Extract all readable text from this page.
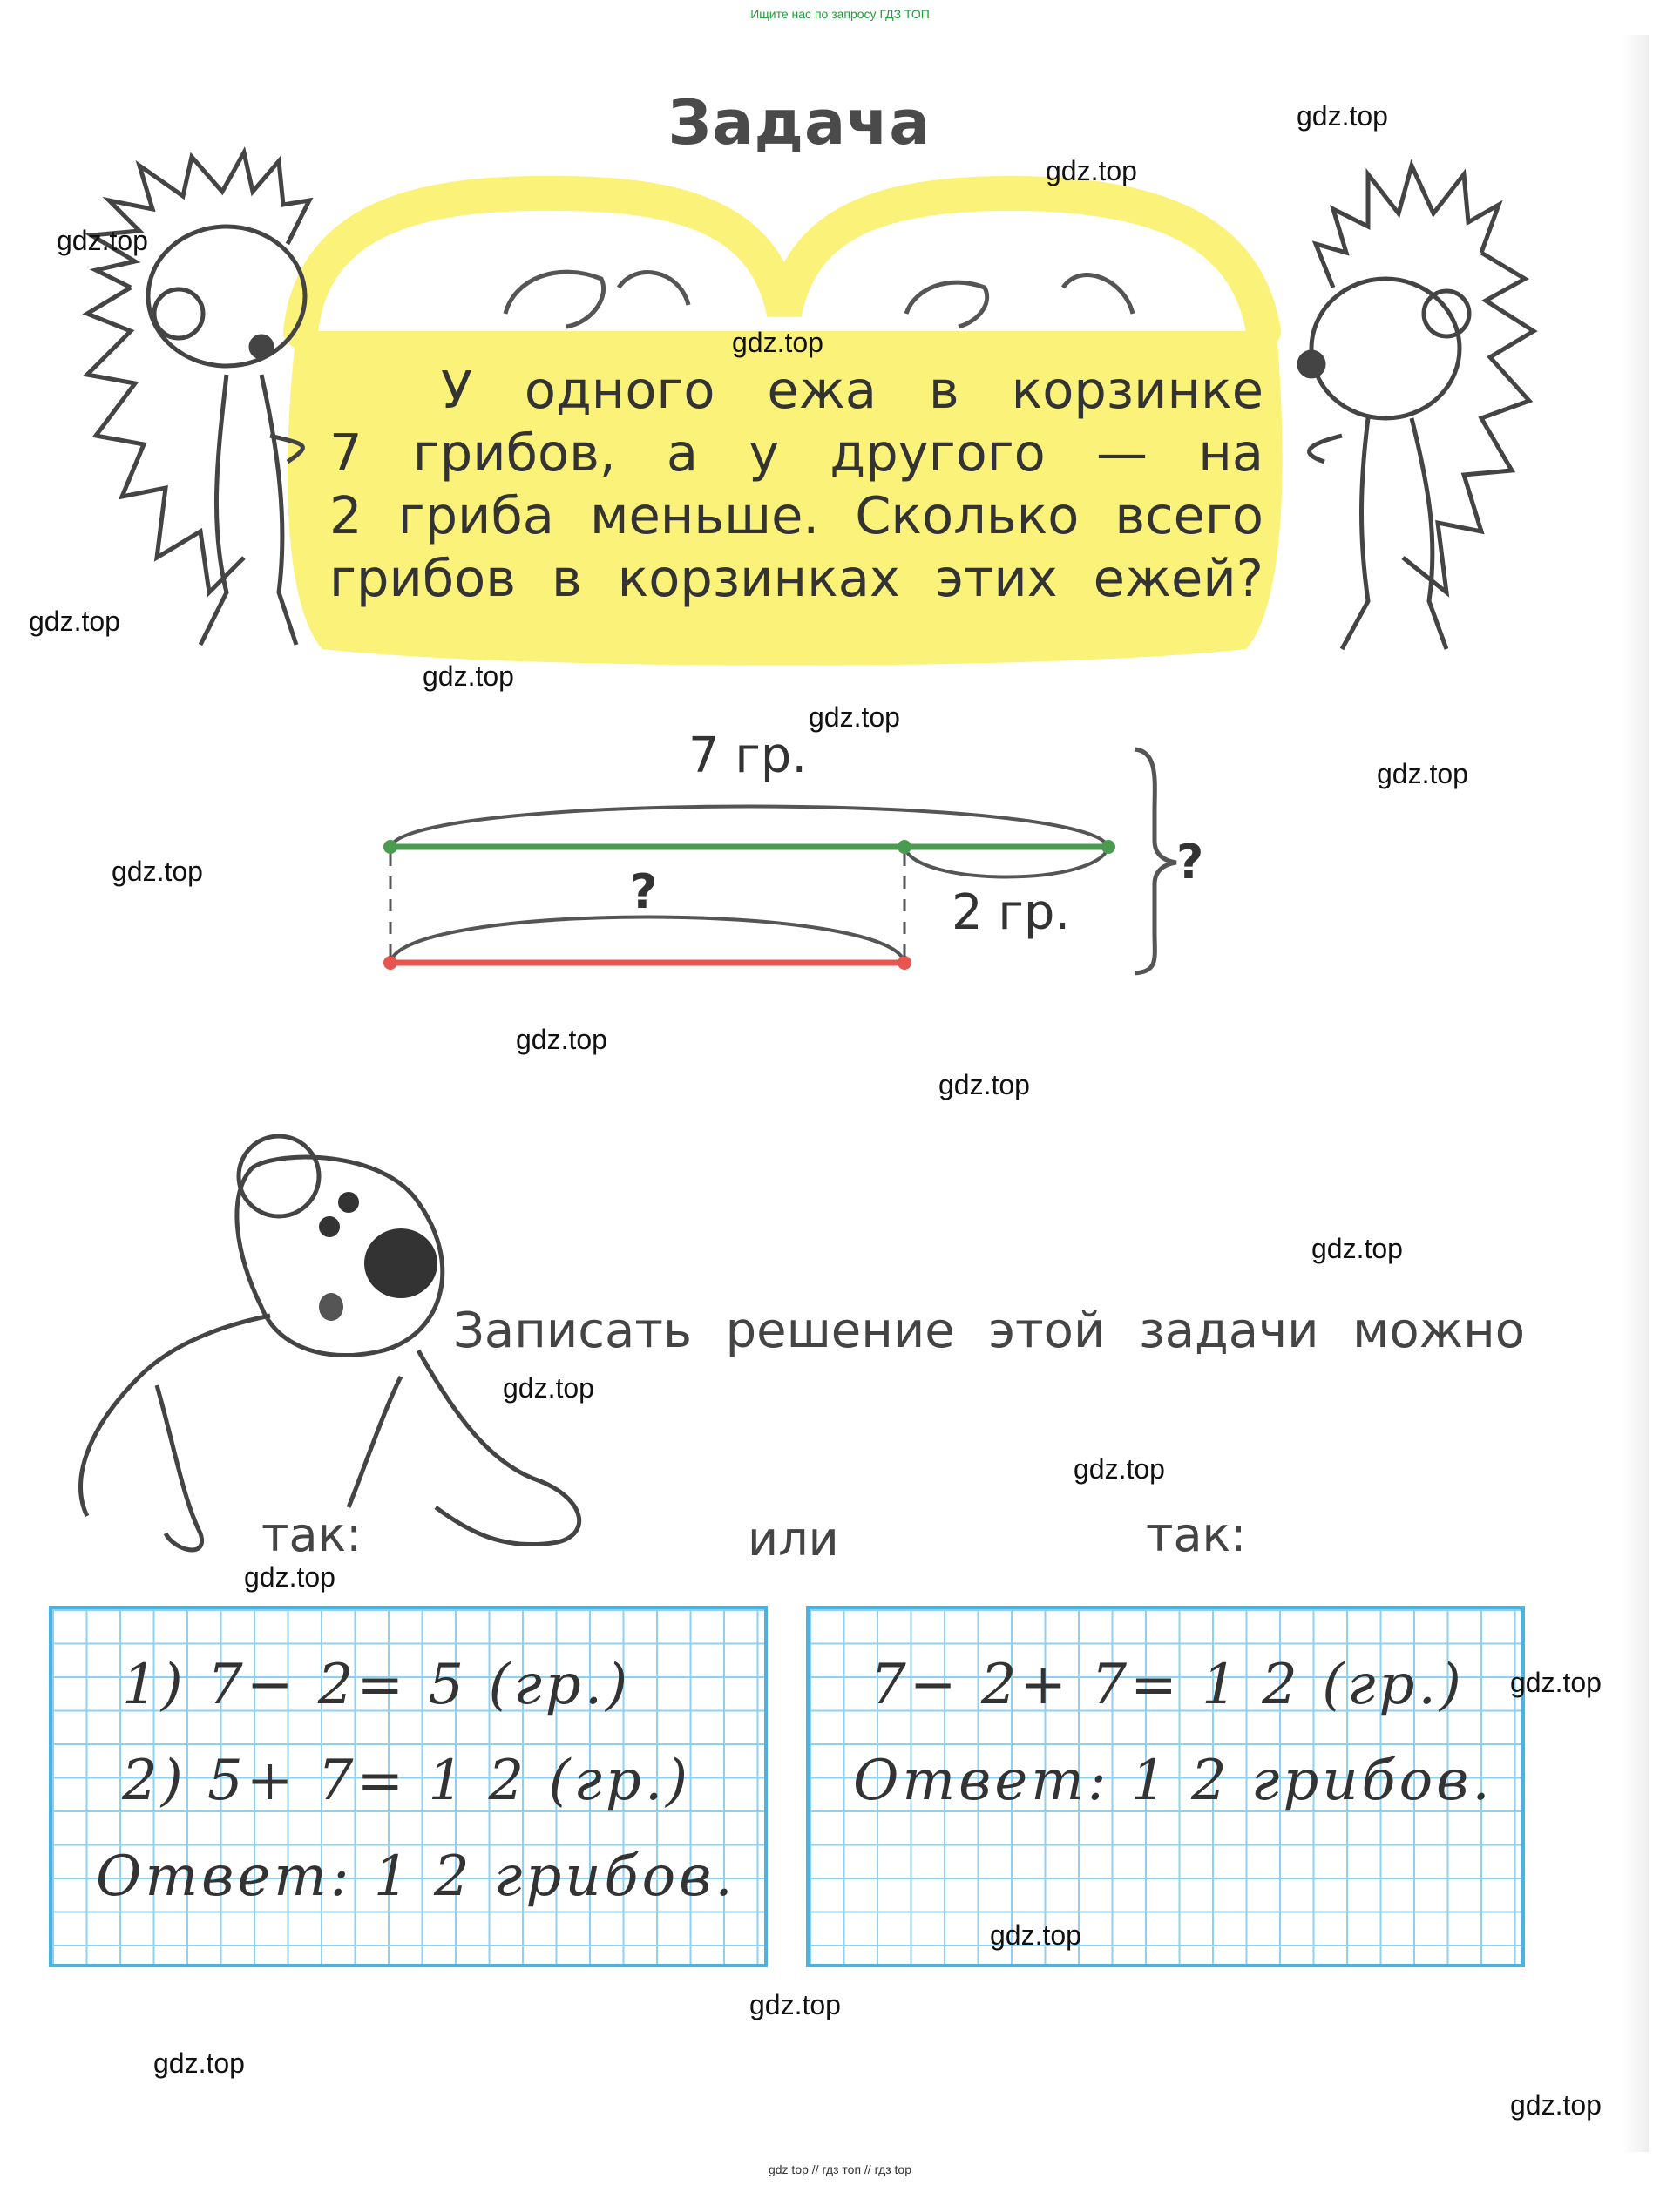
Ищите нас по запросу ГДЗ ТОП
Задача
У одного ежа в корзинке
7 грибов, а у другого — на
2 гриба меньше. Сколько всего
грибов в корзинках этих ежей?
7 гр.
?	2 гр.
?
Записать решение этой задачи можно
так:	или	так:
1) 7− 2= 5 (гр.)
2) 5+ 7= 1 2 (гр.)
Ответ: 1 2 грибов.
7− 2+ 7= 1 2 (гр.)
Ответ: 1 2 грибов.
gdz.top
gdz.top
gdz.top
gdz.top
gdz.top
gdz.top
gdz.top
gdz.top
gdz.top
gdz.top
gdz.top
gdz.top
gdz.top
gdz.top
gdz.top
gdz.top
gdz.top
gdz.top
gdz.top
gdz.top
gdz top // гдз топ // гдз top
